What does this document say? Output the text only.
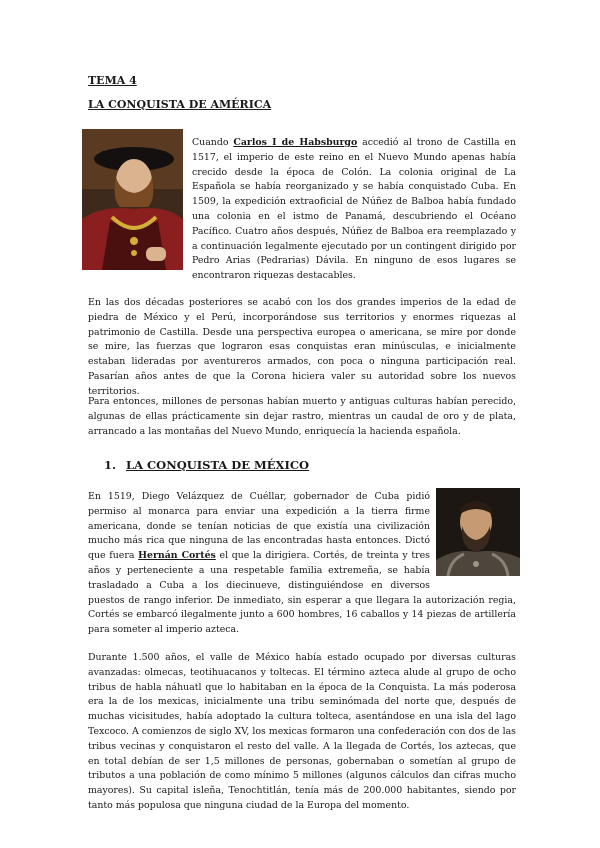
TEMA 4
LA CONQUISTA DE AMÉRICA
Cuando Carlos I de Habsburgo accedió al trono de Castilla en 1517, el imperio de este reino en el Nuevo Mundo apenas había crecido desde la época de Colón. La colonia original de La Española se había reorganizado y se había conquistado Cuba. En 1509, la expedición extraoficial de Núñez de Balboa había fundado una colonia en el istmo de Panamá, descubriendo el Océano Pacífico. Cuatro años después, Núñez de Balboa era reemplazado y a continuación legalmente ejecutado por un contingent dirigido por Pedro Arias (Pedrarias) Dávila. En ninguno de esos lugares se encontraron riquezas destacables.
En las dos décadas posteriores se acabó con los dos grandes imperios de la edad de piedra de México y el Perú, incorporándose sus territorios y enormes riquezas al patrimonio de Castilla. Desde una perspectiva europea o americana, se mire por donde se mire, las fuerzas que lograron esas conquistas eran minúsculas, e inicialmente estaban lideradas por aventureros armados, con poca o ninguna participación real. Pasarían años antes de que la Corona hiciera valer su autoridad sobre los nuevos territorios.
Para entonces, millones de personas habían muerto y antiguas culturas habían perecido, algunas de ellas prácticamente sin dejar rastro, mientras un caudal de oro y de plata, arrancado a las montañas del Nuevo Mundo, enriquecía la hacienda española.
1. LA CONQUISTA DE MÉXICO
En 1519, Diego Velázquez de Cuéllar, gobernador de Cuba pidió permiso al monarca para enviar una expedición a la tierra firme americana, donde se tenían noticias de que existía una civilización mucho más rica que ninguna de las encontradas hasta entonces. Dictó que fuera Hernán Cortés el que la dirigiera. Cortés, de treinta y tres años y perteneciente a una respetable familia extremeña, se había trasladado a Cuba a los diecinueve, distinguiéndose en diversos puestos de rango inferior. De inmediato, sin esperar a que llegara la autorización regia, Cortés se embarcó ilegalmente junto a 600 hombres, 16 caballos y 14 piezas de artillería para someter al imperio azteca.
Durante 1.500 años, el valle de México había estado ocupado por diversas culturas avanzadas: olmecas, teotihuacanos y toltecas. El término azteca alude al grupo de ocho tribus de habla náhuatl que lo habitaban en la época de la Conquista. La más poderosa era la de los mexicas, inicialmente una tribu seminómada del norte que, después de muchas vicisitudes, había adoptado la cultura tolteca, asentándose en una isla del lago Texcoco. A comienzos de siglo XV, los mexicas formaron una confederación con dos de las tribus vecinas y conquistaron el resto del valle. A la llegada de Cortés, los aztecas, que en total debían de ser 1,5 millones de personas, gobernaban o sometían al grupo de tributos a una población de como mínimo 5 millones (algunos cálculos dan cifras mucho mayores). Su capital isleña, Tenochtitlán, tenía más de 200.000 habitantes, siendo por tanto más populosa que ninguna ciudad de la Europa del momento.
